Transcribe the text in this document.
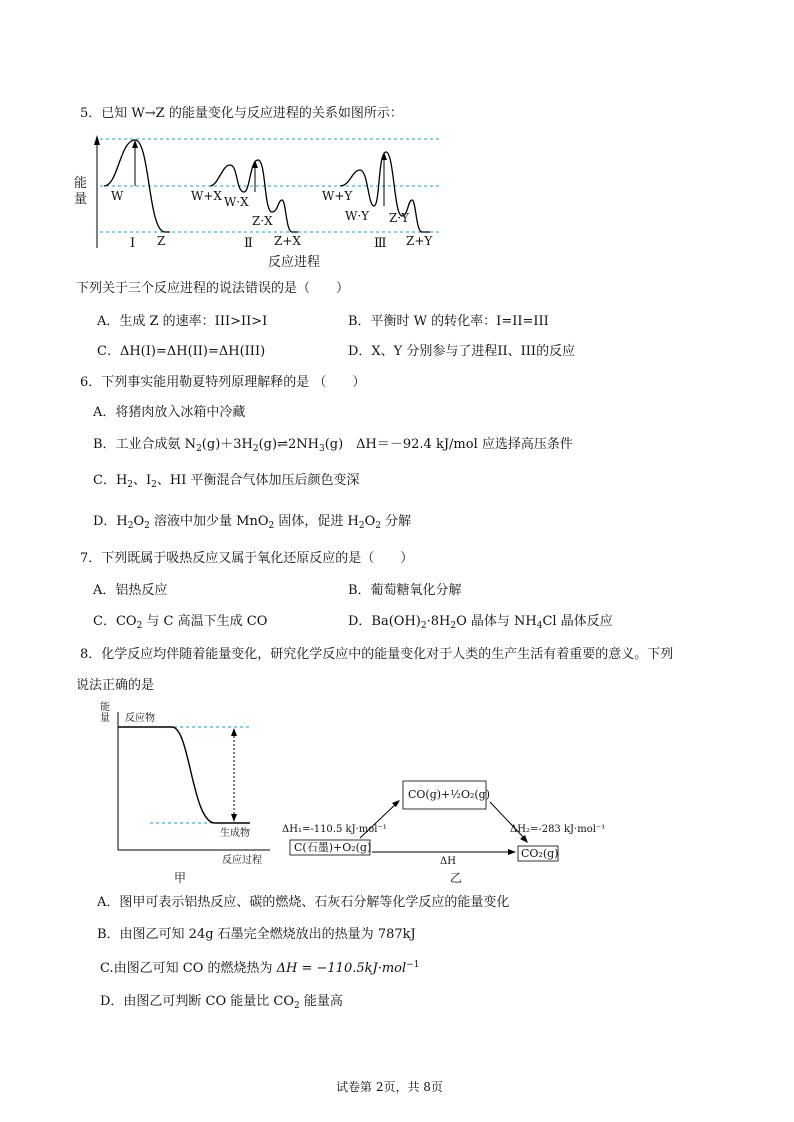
5．已知 W→Z 的能量变化与反应进程的关系如图所示：
能量 W
Z
Ⅰ
W+X W·X
Z·X
Z+X
Ⅱ
W+Y
W·Y Z·Y
Z+Y
Ⅲ
反应进程
下列关于三个反应进程的说法错误的是（　　）
A．生成 Z 的速率：III>II>I	B．平衡时 W 的转化率：I=II=III
C．ΔH(I)=ΔH(II)=ΔH(III)	D．X、Y 分别参与了进程II、III的反应
6．下列事实能用勒夏特列原理解释的是 （　　）
A．将猪肉放入冰箱中冷藏
B．工业合成氨 $N_2(g)+3H_2(g)\rightleftharpoons 2NH_3(g)$　ΔH＝－92.4 kJ/mol 应选择高压条件
C．$H_2$、$I_2$、HI 平衡混合气体加压后颜色变深
D．$H_2O_2$ 溶液中加少量 MnO$_2$ 固体，促进 $H_2O_2$ 分解
7．下列既属于吸热反应又属于氧化还原反应的是（　　）
A．铝热反应	B．葡萄糖氧化分解
C．$CO_2$ 与 C 高温下生成 CO	D．$Ba(OH)_2\cdot 8H_2O$ 晶体与 $NH_4Cl$ 晶体反应
8．化学反应均伴随着能量变化，研究化学反应中的能量变化对于人类的生产生活有着重要的意义。下列
说法正确的是
能量 反应物
生成物
反应过程
甲
CO(g)+½O₂(g)
C(石墨)+O₂(g)	CO₂(g)
ΔH₁=-110.5 kJ·mol⁻¹	ΔH₂=-283 kJ·mol⁻¹
ΔH
乙
A．图甲可表示铝热反应、碳的燃烧、石灰石分解等化学反应的能量变化
B．由图乙可知 24g 石墨完全燃烧放出的热量为 787kJ
C.由图乙可知 CO 的燃烧热为 ΔH = −110.5kJ·mol$^{-1}$
D．由图乙可判断 CO 能量比 $CO_2$ 能量高
试卷第 2页，共 8页
